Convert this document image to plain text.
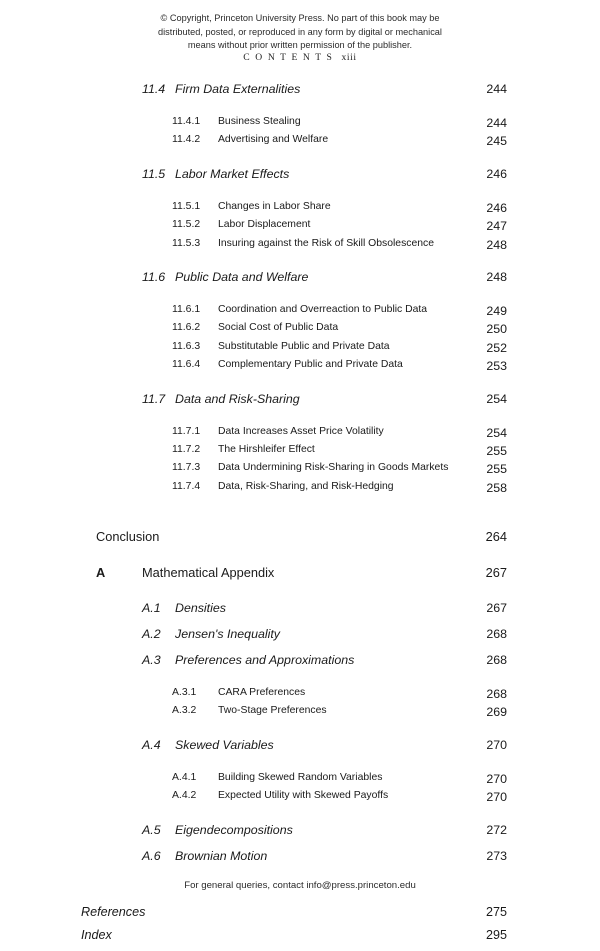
© Copyright, Princeton University Press. No part of this book may be
distributed, posted, or reproduced in any form by digital or mechanical
means without prior written permission of the publisher.
C O N T E N T S xiii
11.4 Firm Data Externalities	244
11.4.1 Business Stealing	244
11.4.2 Advertising and Welfare	245
11.5 Labor Market Effects	246
11.5.1 Changes in Labor Share	246
11.5.2 Labor Displacement	247
11.5.3 Insuring against the Risk of Skill Obsolescence	248
11.6 Public Data and Welfare	248
11.6.1 Coordination and Overreaction to Public Data	249
11.6.2 Social Cost of Public Data	250
11.6.3 Substitutable Public and Private Data	252
11.6.4 Complementary Public and Private Data	253
11.7 Data and Risk-Sharing	254
11.7.1 Data Increases Asset Price Volatility	254
11.7.2 The Hirshleifer Effect	255
11.7.3 Data Undermining Risk-Sharing in Goods Markets	255
11.7.4 Data, Risk-Sharing, and Risk-Hedging	258
Conclusion	264
A	Mathematical Appendix	267
A.1 Densities	267
A.2 Jensen's Inequality	268
A.3 Preferences and Approximations	268
A.3.1 CARA Preferences	268
A.3.2 Two-Stage Preferences	269
A.4 Skewed Variables	270
A.4.1 Building Skewed Random Variables	270
A.4.2 Expected Utility with Skewed Payoffs	270
A.5 Eigendecompositions	272
A.6 Brownian Motion	273
References	275
Index	295
For general queries, contact info@press.princeton.edu
